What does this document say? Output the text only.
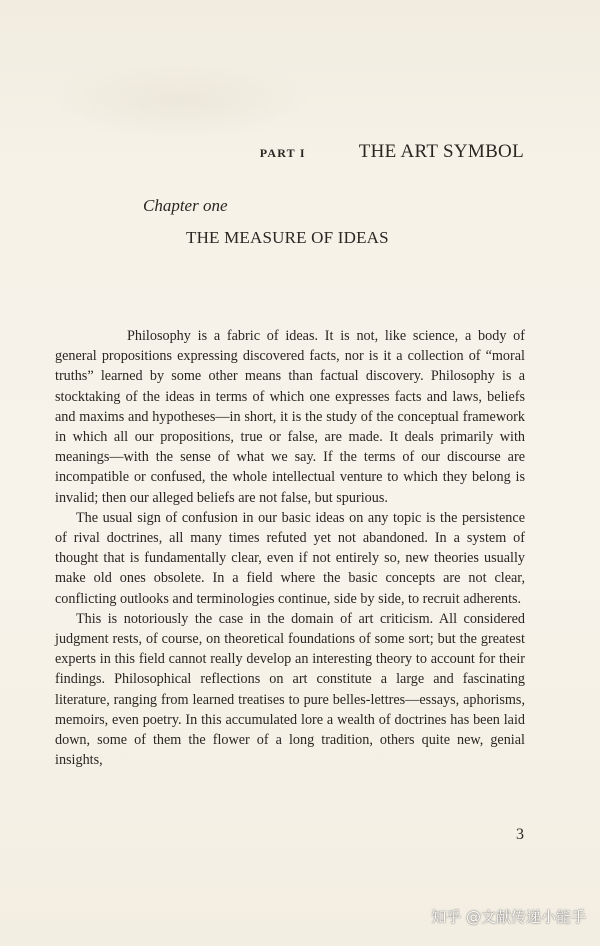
PART I	THE ART SYMBOL
Chapter one
THE MEASURE OF IDEAS

Philosophy is a fabric of ideas. It is not, like science, a body of general propositions expressing discovered facts, nor is it a collection of “moral truths” learned by some other means than factual discovery. Philosophy is a stocktaking of the ideas in terms of which one expresses facts and laws, beliefs and maxims and hypotheses—in short, it is the study of the conceptual framework in which all our propositions, true or false, are made. It deals primarily with meanings—with the sense of what we say. If the terms of our discourse are incompatible or confused, the whole intellectual venture to which they belong is invalid; then our alleged beliefs are not false, but spurious.

The usual sign of confusion in our basic ideas on any topic is the persistence of rival doctrines, all many times refuted yet not abandoned. In a system of thought that is fundamentally clear, even if not entirely so, new theories usually make old ones obsolete. In a field where the basic concepts are not clear, conflicting outlooks and terminologies continue, side by side, to recruit adherents.

This is notoriously the case in the domain of art criticism. All considered judgment rests, of course, on theoretical foundations of some sort; but the greatest experts in this field cannot really develop an interesting theory to account for their findings. Philosophical reflections on art constitute a large and fascinating literature, ranging from learned treatises to pure belles-lettres—essays, aphorisms, memoirs, even poetry. In this accumulated lore a wealth of doctrines has been laid down, some of them the flower of a long tradition, others quite new, genial insights,

3
知乎 @文献传递小能手
